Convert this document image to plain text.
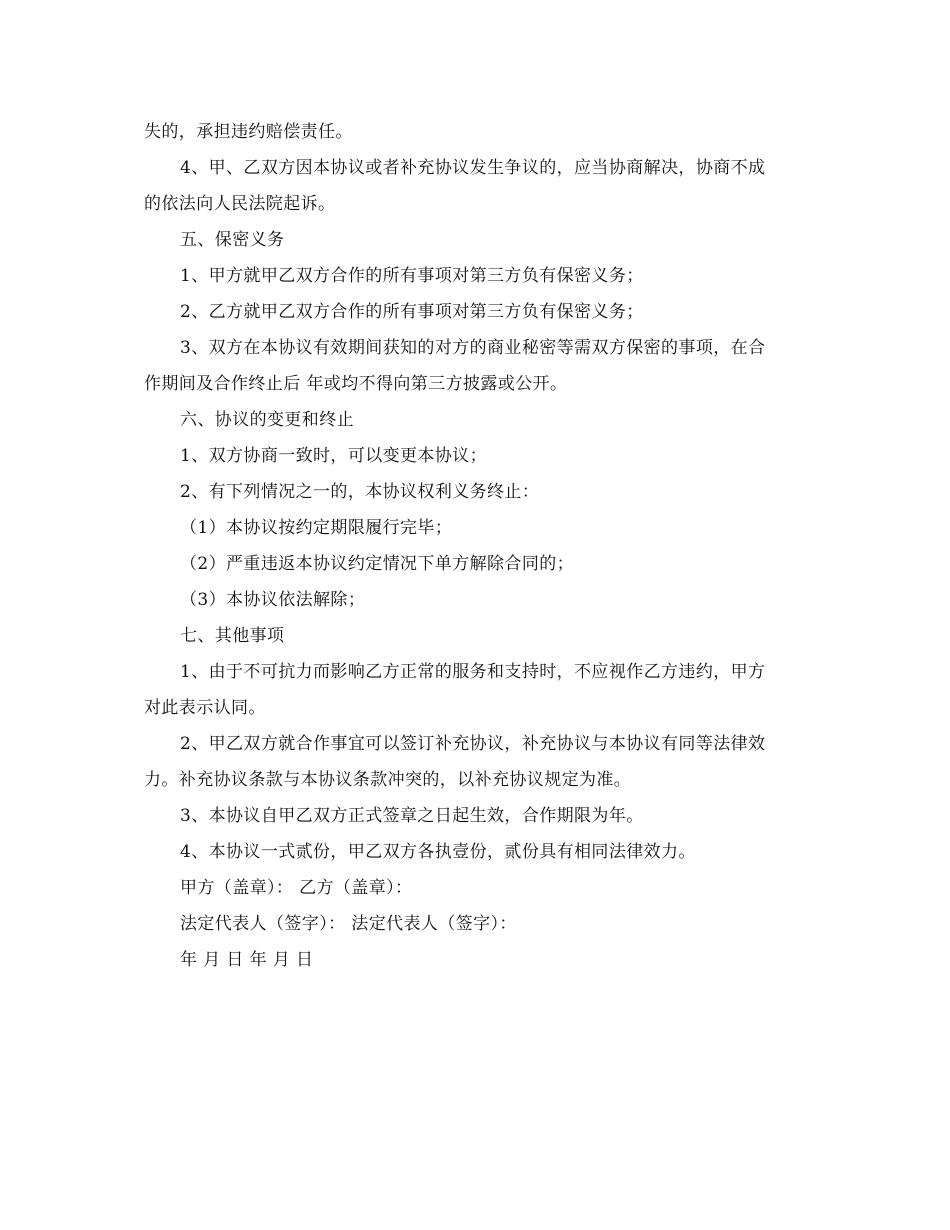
失的，承担违约赔偿责任。

4、甲、乙双方因本协议或者补充协议发生争议的，应当协商解决，协商不成
的依法向人民法院起诉。

五、保密义务

1、甲方就甲乙双方合作的所有事项对第三方负有保密义务；

2、乙方就甲乙双方合作的所有事项对第三方负有保密义务；

3、双方在本协议有效期间获知的对方的商业秘密等需双方保密的事项，在合
作期间及合作终止后 年或均不得向第三方披露或公开。

六、协议的变更和终止

1、双方协商一致时，可以变更本协议；

2、有下列情况之一的，本协议权利义务终止：

（1）本协议按约定期限履行完毕；

（2）严重违返本协议约定情况下单方解除合同的；

（3）本协议依法解除；

七、其他事项

1、由于不可抗力而影响乙方正常的服务和支持时，不应视作乙方违约，甲方
对此表示认同。

2、甲乙双方就合作事宜可以签订补充协议，补充协议与本协议有同等法律效
力。补充协议条款与本协议条款冲突的，以补充协议规定为准。

3、本协议自甲乙双方正式签章之日起生效，合作期限为年。

4、本协议一式贰份，甲乙双方各执壹份，贰份具有相同法律效力。

甲方（盖章）： 乙方（盖章）：

法定代表人（签字）： 法定代表人（签字）：

年 月 日 年 月 日
